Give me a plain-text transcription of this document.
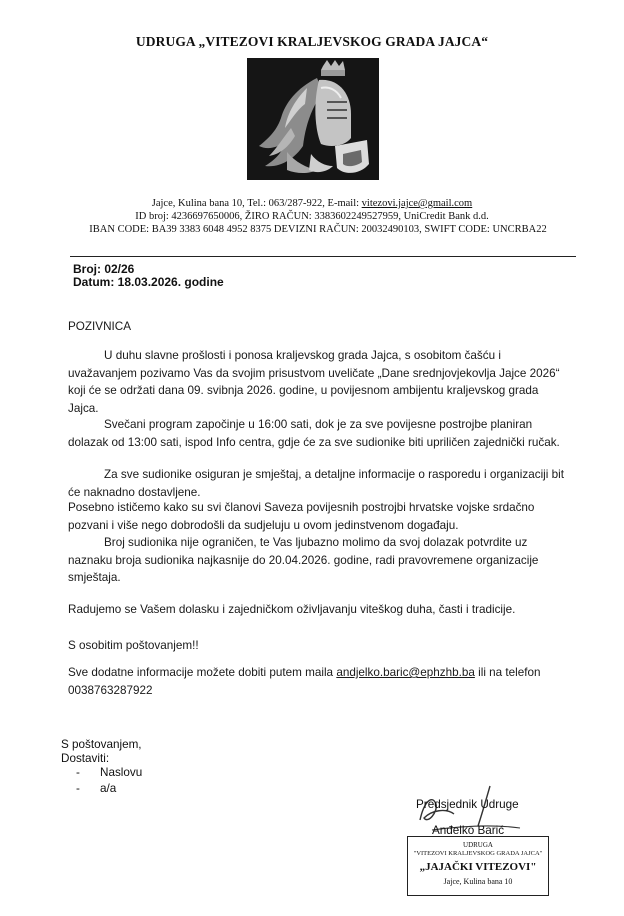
UDRUGA „VITEZOVI KRALJEVSKOG GRADA JAJCA“
Jajce, Kulina bana 10, Tel.: 063/287-922, E-mail: vitezovi.jajce@gmail.com
ID broj: 4236697650006, ŽIRO RAČUN: 3383602249527959, UniCredit Bank d.d.
IBAN CODE: BA39 3383 6048 4952 8375 DEVIZNI RAČUN: 20032490103, SWIFT CODE: UNCRBA22
Broj: 02/26
Datum: 18.03.2026. godine
POZIVNICA
U duhu slavne prošlosti i ponosa kraljevskog grada Jajca, s osobitom čašću i uvažavanjem pozivamo Vas da svojim prisustvom uveličate „Dane srednjovjekovlja Jajce 2026“ koji će se održati dana 09. svibnja 2026. godine, u povijesnom ambijentu kraljevskog grada Jajca.
Svečani program započinje u 16:00 sati, dok je za sve povijesne postrojbe planiran dolazak od 13:00 sati, ispod Info centra, gdje će za sve sudionike biti upriličen zajednički ručak.
Za sve sudionike osiguran je smještaj, a detaljne informacije o rasporedu i organizaciji bit će naknadno dostavljene.
Posebno ističemo kako su svi članovi Saveza povijesnih postrojbi hrvatske vojske srdačno pozvani i više nego dobrodošli da sudjeluju u ovom jedinstvenom događaju.
Broj sudionika nije ograničen, te Vas ljubazno molimo da svoj dolazak potvrdite uz naznaku broja sudionika najkasnije do 20.04.2026. godine, radi pravovremene organizacije smještaja.
Radujemo se Vašem dolasku i zajedničkom oživljavanju viteškog duha, časti i tradicije.
S osobitim poštovanjem!!
Sve dodatne informacije možete dobiti putem maila andjelko.baric@ephzhb.ba ili na telefon 0038763287922
S poštovanjem,
Dostaviti:
- Naslovu
- a/a
Predsjednik Udruge
Anđelko Barić
UDRUGA
"VITEZOVI KRALJEVSKOG GRADA JAJCA"
„JAJAČKI VITEZOVI"
Jajce, Kulina bana 10
